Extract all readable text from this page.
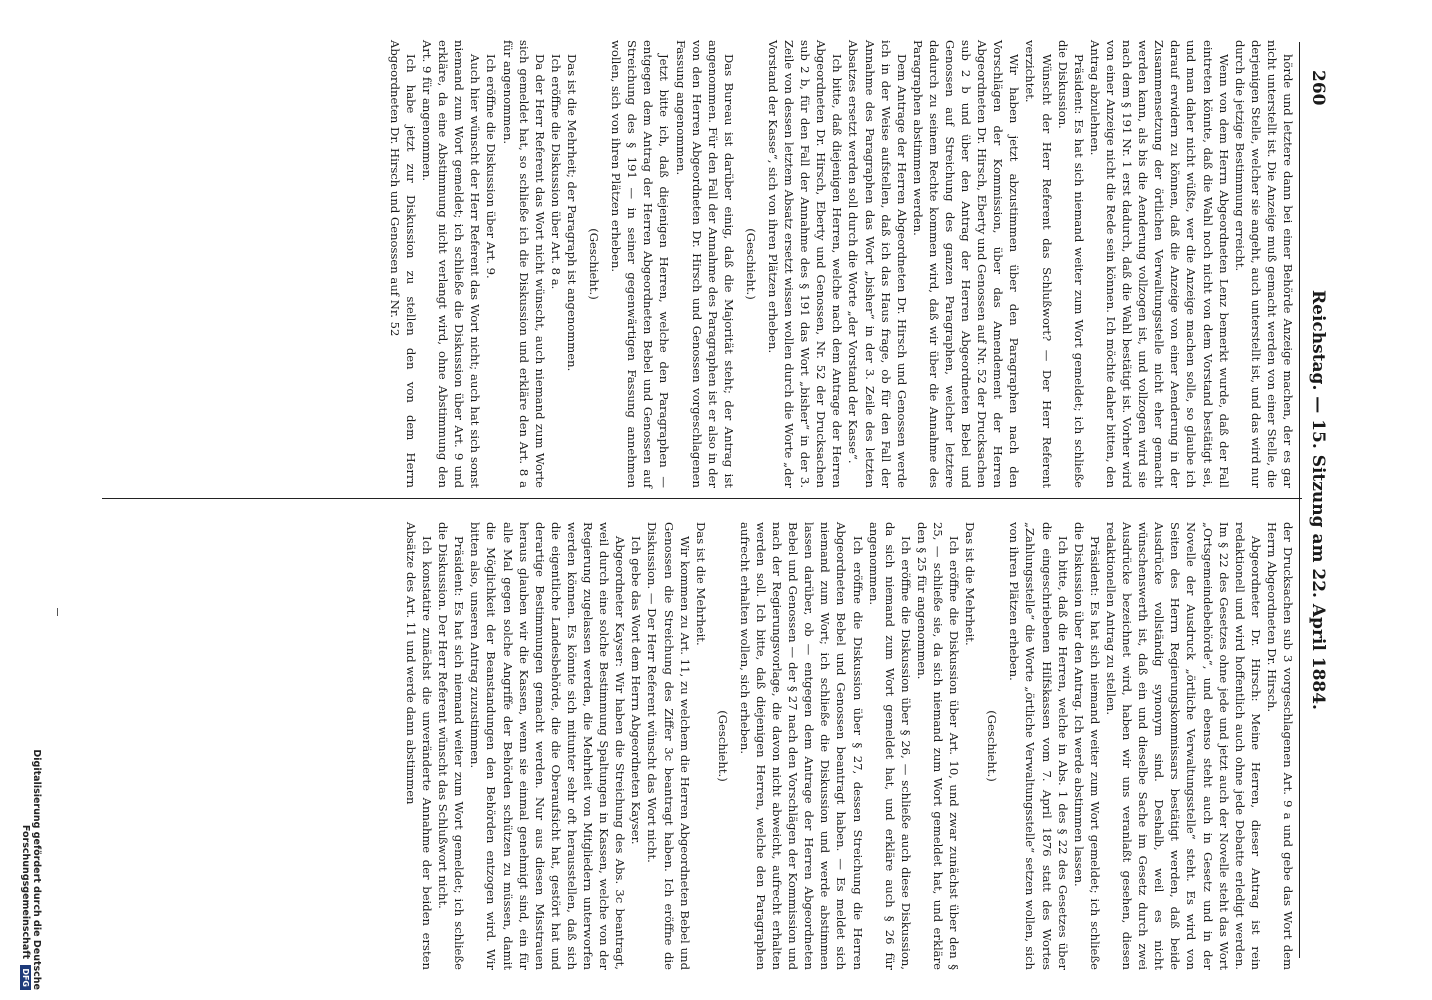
260
Reichstag. — 15. Sitzung am 22. April 1884.

hörde und letztere dann bei einer Behörde Anzeige machen, der es gar nicht unterstellt ist. Die Anzeige muß gemacht werden von einer Stelle, die derjenigen Stelle, welcher sie angeht, auch unterstellt ist, und das wird nur durch die jetzige Bestimmung erreicht.

Wenn von dem Herrn Abgeordneten Lenz bemerkt wurde, daß der Fall eintreten könnte, daß die Wahl noch nicht von dem Vorstand bestätigt sei, und man daher nicht wüßte, wer die Anzeige machen solle, so glaube ich darauf erwidern zu können, daß die Anzeige von einer Aenderung in der Zusammensetzung der örtlichen Verwaltungsstelle nicht eher gemacht werden kann, als bis die Aenderung vollzogen ist, und vollzogen wird sie nach dem § 191 Nr. 1 erst dadurch, daß die Wahl bestätigt ist. Vorher wird von einer Anzeige nicht die Rede sein können. Ich möchte daher bitten, den Antrag abzulehnen.

Präsident: Es hat sich niemand weiter zum Wort gemeldet; ich schließe die Diskussion.

Wünscht der Herr Referent das Schlußwort? — Der Herr Referent verzichtet.

Wir haben jetzt abzustimmen über den Paragraphen nach den Vorschlägen der Kommission, über das Amendement der Herren Abgeordneten Dr. Hirsch, Eberty und Genossen auf Nr. 52 der Drucksachen sub 2 b und über den Antrag der Herren Abgeordneten Bebel und Genossen auf Streichung des ganzen Paragraphen, welcher letztere dadurch zu seinem Rechte kommen wird, daß wir über die Annahme des Paragraphen abstimmen werden.

Dem Antrage der Herren Abgeordneten Dr. Hirsch und Genossen werde ich in der Weise aufstellen, daß ich das Haus frage, ob für den Fall der Annahme des Paragraphen das Wort „bisher“ in der 3. Zeile des letzten Absatzes ersetzt werden soll durch die Worte „der Vorstand der Kasse“.

Ich bitte, daß diejenigen Herren, welche nach dem Antrage der Herren Abgeordneten Dr. Hirsch, Eberty und Genossen, Nr. 52 der Drucksachen sub 2 b, für den Fall der Annahme des § 191 das Wort „bisher“ in der 3. Zeile von dessen letztem Absatz ersetzt wissen wollen durch die Worte „der Vorstand der Kasse“, sich von ihren Plätzen erheben.

(Geschieht.)

Das Bureau ist darüber einig, daß die Majorität steht; der Antrag ist angenommen. Für den Fall der Annahme des Paragraphen ist er also in der von den Herren Abgeordneten Dr. Hirsch und Genossen vorgeschlagenen Fassung angenommen.

Jetzt bitte ich, daß diejenigen Herren, welche den Paragraphen — entgegen dem Antrag der Herren Abgeordneten Bebel und Genossen auf Streichung des § 191 — in seiner gegenwärtigen Fassung annehmen wollen, sich von ihren Plätzen erheben.

(Geschieht.)

Das ist die Mehrheit; der Paragraph ist angenommen.

Ich eröffne die Diskussion über Art. 8 a.

Da der Herr Referent das Wort nicht wünscht, auch niemand zum Worte sich gemeldet hat, so schließe ich die Diskussion und erkläre den Art. 8 a für angenommen.

Ich eröffne die Diskussion über Art. 9.

Auch hier wünscht der Herr Referent das Wort nicht; auch hat sich sonst niemand zum Wort gemeldet; ich schließe die Diskussion über Art. 9 und erkläre, da eine Abstimmung nicht verlangt wird, ohne Abstimmung den Art. 9 für angenommen.

Ich habe jetzt zur Diskussion zu stellen den von dem Herrn Abgeordneten Dr. Hirsch und Genossen auf Nr. 52

der Drucksachen sub 3 vorgeschlagenen Art. 9 a und gebe das Wort dem Herrn Abgeordneten Dr. Hirsch.

Abgeordneter Dr. Hirsch: Meine Herren, dieser Antrag ist rein redaktionell und wird hoffentlich auch ohne jede Debatte erledigt werden. Im § 22 des Gesetzes ohne jede und jetzt auch der Novelle steht das Wort „Ortsgemeindebehörde“, und ebenso steht auch in Gesetz und in der Novelle der Ausdruck „örtliche Verwaltungsstelle“ steht. Es wird von Seiten des Herrn Regierungskommissars bestätigt werden, daß beide Ausdrücke vollständig synonym sind. Deshalb, weil es nicht wünschenswerth ist, daß ein und dieselbe Sache im Gesetz durch zwei Ausdrücke bezeichnet wird, haben wir uns veranlaßt gesehen, diesen redaktionellen Antrag zu stellen.

Präsident: Es hat sich niemand weiter zum Wort gemeldet; ich schließe die Diskussion über den Antrag. Ich werde abstimmen lassen.

Ich bitte, daß die Herren, welche in Abs. 1 des § 22 des Gesetzes über die eingeschriebenen Hilfskassen vom 7. April 1876 statt des Wortes „Zahlungsstelle“ die Worte „örtliche Verwaltungsstelle“ setzen wollen, sich von ihren Plätzen erheben.

(Geschieht.)

Das ist die Mehrheit.

Ich eröffne die Diskussion über Art. 10, und zwar zunächst über den § 25, — schließe sie, da sich niemand zum Wort gemeldet hat, und erkläre den § 25 für angenommen.

Ich eröffne die Diskussion über § 26, — schließe auch diese Diskussion, da sich niemand zum Wort gemeldet hat, und erkläre auch § 26 für angenommen.

Ich eröffne die Diskussion über § 27, dessen Streichung die Herren Abgeordneten Bebel und Genossen beantragt haben. — Es meldet sich niemand zum Wort; ich schließe die Diskussion und werde abstimmen lassen darüber, ob — entgegen dem Antrage der Herren Abgeordneten Bebel und Genossen — der § 27 nach den Vorschlägen der Kommission und nach der Regierungsvorlage, die davon nicht abweicht, aufrecht erhalten werden soll. Ich bitte, daß diejenigen Herren, welche den Paragraphen aufrecht erhalten wollen, sich erheben.

(Geschieht.)

Das ist die Mehrheit.

Wir kommen zu Art. 11, zu welchem die Herren Abgeordneten Bebel und Genossen die Streichung des Ziffer 3c beantragt haben. Ich eröffne die Diskussion. — Der Herr Referent wünscht das Wort nicht.

Ich gebe das Wort dem Herrn Abgeordneten Kayser.

Abgeordneter Kayser: Wir haben die Streichung des Abs. 3c beantragt, weil durch eine solche Bestimmung Spaltungen in Kassen, welche von der Regierung zugelassen werden, die Mehrheit von Mitgliedern unterworfen werden können. Es könnte sich mitunter sehr oft herausstellen, daß sich die eigentliche Landesbehörde, die die Oberaufsicht hat, gestört hat und derartige Bestimmungen gemacht werden. Nur aus diesen Misstrauen heraus glauben wir die Kassen, wenn sie einmal genehmigt sind, ein für alle Mal gegen solche Angriffe der Behörden schützen zu müssen, damit die Möglichkeit der Beanstandungen den Behörden entzogen wird. Wir bitten also, unseren Antrag zuzustimmen.

Präsident: Es hat sich niemand weiter zum Wort gemeldet; ich schließe die Diskussion. Der Herr Referent wünscht das Schlußwort nicht.

Ich konstatire zunächst die unveränderte Annahme der beiden ersten Absätze des Art. 11 und werde dann abstimmen

Digitalisierung gefördert durch die Deutsche Forschungsgemeinschaft DFG
